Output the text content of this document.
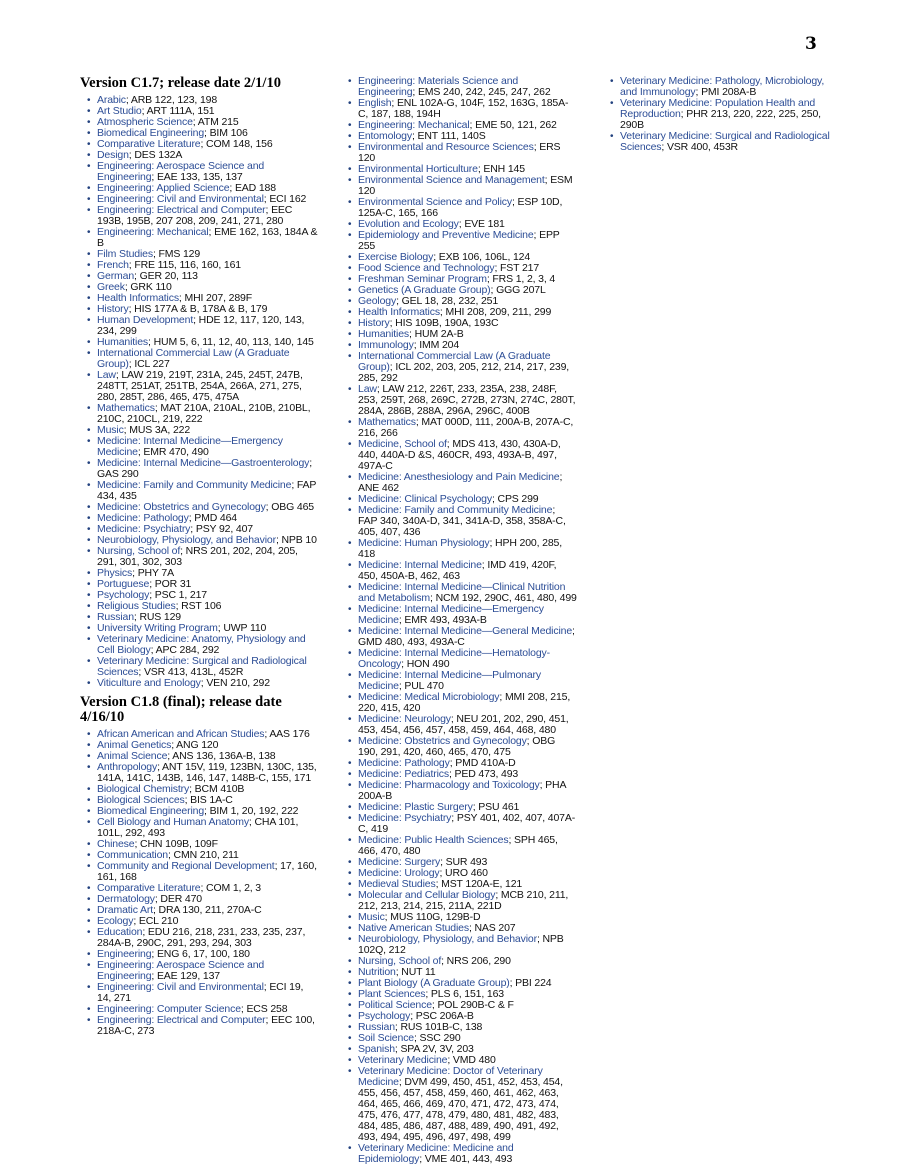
3
Version C1.7; release date 2/1/10
• Arabic; ARB 122, 123, 198
• Art Studio; ART 111A, 151
• Atmospheric Science; ATM 215
• Biomedical Engineering; BIM 106
• Comparative Literature; COM 148, 156
• Design; DES 132A
• Engineering: Aerospace Science and Engineering; EAE 133, 135, 137
• Engineering: Applied Science; EAD 188
• Engineering: Civil and Environmental; ECI 162
• Engineering: Electrical and Computer; EEC 193B, 195B, 207 208, 209, 241, 271, 280
• Engineering: Mechanical; EME 162, 163, 184A & B
• Film Studies; FMS 129
• French; FRE 115, 116, 160, 161
• German; GER 20, 113
• Greek; GRK 110
• Health Informatics; MHI 207, 289F
• History; HIS 177A & B, 178A & B, 179
• Human Development; HDE 12, 117, 120, 143, 234, 299
• Humanities; HUM 5, 6, 11, 12, 40, 113, 140, 145
• International Commercial Law (A Graduate Group); ICL 227
• Law; LAW 219, 219T, 231A, 245, 245T, 247B, 248TT, 251AT, 251TB, 254A, 266A, 271, 275, 280, 285T, 286, 465, 475, 475A
• Mathematics; MAT 210A, 210AL, 210B, 210BL, 210C, 210CL, 219, 222
• Music; MUS 3A, 222
• Medicine: Internal Medicine—Emergency Medicine; EMR 470, 490
• Medicine: Internal Medicine—Gastroenterology; GAS 290
• Medicine: Family and Community Medicine; FAP 434, 435
• Medicine: Obstetrics and Gynecology; OBG 465
• Medicine: Pathology; PMD 464
• Medicine: Psychiatry; PSY 92, 407
• Neurobiology, Physiology, and Behavior; NPB 10
• Nursing, School of; NRS 201, 202, 204, 205, 291, 301, 302, 303
• Physics; PHY 7A
• Portuguese; POR 31
• Psychology; PSC 1, 217
• Religious Studies; RST 106
• Russian; RUS 129
• University Writing Program; UWP 110
• Veterinary Medicine: Anatomy, Physiology and Cell Biology; APC 284, 292
• Veterinary Medicine: Surgical and Radiological Sciences; VSR 413, 413L, 452R
• Viticulture and Enology; VEN 210, 292
Version C1.8 (final); release date 4/16/10
• African American and African Studies; AAS 176
• Animal Genetics; ANG 120
• Animal Science; ANS 136, 136A-B, 138
• Anthropology; ANT 15V, 119, 123BN, 130C, 135, 141A, 141C, 143B, 146, 147, 148B-C, 155, 171
• Biological Chemistry; BCM 410B
• Biological Sciences; BIS 1A-C
• Biomedical Engineering; BIM 1, 20, 192, 222
• Cell Biology and Human Anatomy; CHA 101, 101L, 292, 493
• Chinese; CHN 109B, 109F
• Communication; CMN 210, 211
• Community and Regional Development; 17, 160, 161, 168
• Comparative Literature; COM 1, 2, 3
• Dermatology; DER 470
• Dramatic Art; DRA 130, 211, 270A-C
• Ecology; ECL 210
• Education; EDU 216, 218, 231, 233, 235, 237, 284A-B, 290C, 291, 293, 294, 303
• Engineering; ENG 6, 17, 100, 180
• Engineering: Aerospace Science and Engineering; EAE 129, 137
• Engineering: Civil and Environmental; ECI 19, 14, 271
• Engineering: Computer Science; ECS 258
• Engineering: Electrical and Computer; EEC 100, 218A-C, 273
• Engineering: Materials Science and Engineering; EMS 240, 242, 245, 247, 262
• English; ENL 102A-G, 104F, 152, 163G, 185A-C, 187, 188, 194H
• Engineering: Mechanical; EME 50, 121, 262
• Entomology; ENT 111, 140S
• Environmental and Resource Sciences; ERS 120
• Environmental Horticulture; ENH 145
• Environmental Science and Management; ESM 120
• Environmental Science and Policy; ESP 10D, 125A-C, 165, 166
• Evolution and Ecology; EVE 181
• Epidemiology and Preventive Medicine; EPP 255
• Exercise Biology; EXB 106, 106L, 124
• Food Science and Technology; FST 217
• Freshman Seminar Program; FRS 1, 2, 3, 4
• Genetics (A Graduate Group); GGG 207L
• Geology; GEL 18, 28, 232, 251
• Health Informatics; MHI 208, 209, 211, 299
• History; HIS 109B, 190A, 193C
• Humanities; HUM 2A-B
• Immunology; IMM 204
• International Commercial Law (A Graduate Group); ICL 202, 203, 205, 212, 214, 217, 239, 285, 292
• Law; LAW 212, 226T, 233, 235A, 238, 248F, 253, 259T, 268, 269C, 272B, 273N, 274C, 280T, 284A, 286B, 288A, 296A, 296C, 400B
• Mathematics; MAT 000D, 111, 200A-B, 207A-C, 216, 266
• Medicine, School of; MDS 413, 430, 430A-D, 440, 440A-D &S, 460CR, 493, 493A-B, 497, 497A-C
• Medicine: Anesthesiology and Pain Medicine; ANE 462
• Medicine: Clinical Psychology; CPS 299
• Medicine: Family and Community Medicine; FAP 340, 340A-D, 341, 341A-D, 358, 358A-C, 405, 407, 436
• Medicine: Human Physiology; HPH 200, 285, 418
• Medicine: Internal Medicine; IMD 419, 420F, 450, 450A-B, 462, 463
• Medicine: Internal Medicine—Clinical Nutrition and Metabolism; NCM 192, 290C, 461, 480, 499
• Medicine: Internal Medicine—Emergency Medicine; EMR 493, 493A-B
• Medicine: Internal Medicine—General Medicine; GMD 480, 493, 493A-C
• Medicine: Internal Medicine—Hematology-Oncology; HON 490
• Medicine: Internal Medicine—Pulmonary Medicine; PUL 470
• Medicine: Medical Microbiology; MMI 208, 215, 220, 415, 420
• Medicine: Neurology; NEU 201, 202, 290, 451, 453, 454, 456, 457, 458, 459, 464, 468, 480
• Medicine: Obstetrics and Gynecology; OBG 190, 291, 420, 460, 465, 470, 475
• Medicine: Pathology; PMD 410A-D
• Medicine: Pediatrics; PED 473, 493
• Medicine: Pharmacology and Toxicology; PHA 200A-B
• Medicine: Plastic Surgery; PSU 461
• Medicine: Psychiatry; PSY 401, 402, 407, 407A-C, 419
• Medicine: Public Health Sciences; SPH 465, 466, 470, 480
• Medicine: Surgery; SUR 493
• Medicine: Urology; URO 460
• Medieval Studies; MST 120A-E, 121
• Molecular and Cellular Biology; MCB 210, 211, 212, 213, 214, 215, 211A, 221D
• Music; MUS 110G, 129B-D
• Native American Studies; NAS 207
• Neurobiology, Physiology, and Behavior; NPB 102Q, 212
• Nursing, School of; NRS 206, 290
• Nutrition; NUT 11
• Plant Biology (A Graduate Group); PBI 224
• Plant Sciences; PLS 6, 151, 163
• Political Science; POL 290B-C & F
• Psychology; PSC 206A-B
• Russian; RUS 101B-C, 138
• Soil Science; SSC 290
• Spanish; SPA 2V, 3V, 203
• Veterinary Medicine; VMD 480
• Veterinary Medicine: Doctor of Veterinary Medicine; DVM 499, 450, 451, 452, 453, 454, 455, 456, 457, 458, 459, 460, 461, 462, 463, 464, 465, 466, 469, 470, 471, 472, 473, 474, 475, 476, 477, 478, 479, 480, 481, 482, 483, 484, 485, 486, 487, 488, 489, 490, 491, 492, 493, 494, 495, 496, 497, 498, 499
• Veterinary Medicine: Medicine and Epidemiology; VME 401, 443, 493
• Veterinary Medicine: Pathology, Microbiology, and Immunology; PMI 208A-B
• Veterinary Medicine: Population Health and Reproduction; PHR 213, 220, 222, 225, 250, 290B
• Veterinary Medicine: Surgical and Radiological Sciences; VSR 400, 453R
